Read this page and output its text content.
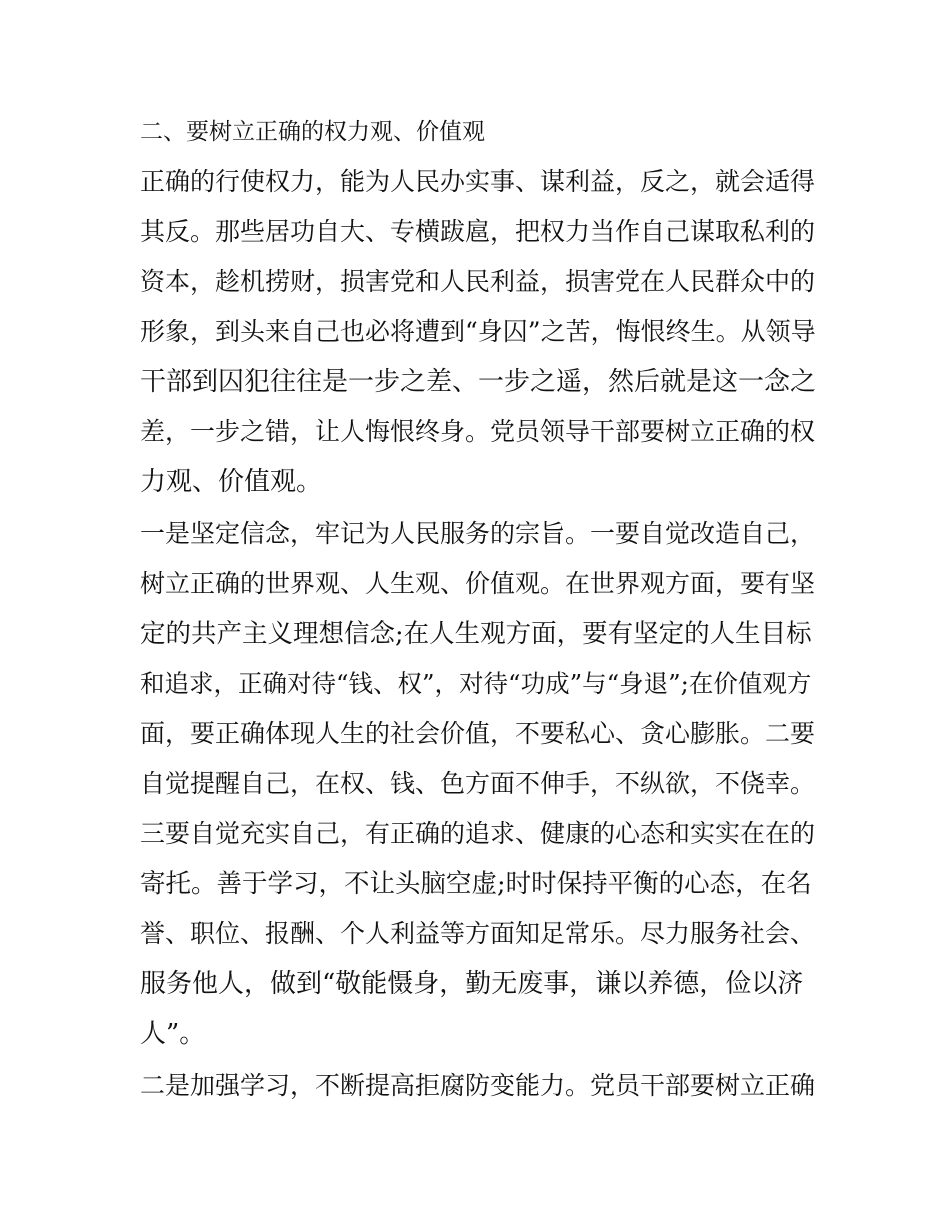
二、要树立正确的权力观、价值观
正确的行使权力，能为人民办实事、谋利益，反之，就会适得
其反。那些居功自大、专横跋扈，把权力当作自己谋取私利的
资本，趁机捞财，损害党和人民利益，损害党在人民群众中的
形象，到头来自己也必将遭到“身囚”之苦，悔恨终生。从领导
干部到囚犯往往是一步之差、一步之遥，然后就是这一念之
差，一步之错，让人悔恨终身。党员领导干部要树立正确的权
力观、价值观。
一是坚定信念，牢记为人民服务的宗旨。一要自觉改造自己，
树立正确的世界观、人生观、价值观。在世界观方面，要有坚
定的共产主义理想信念;在人生观方面，要有坚定的人生目标
和追求，正确对待“钱、权”，对待“功成”与“身退”;在价值观方
面，要正确体现人生的社会价值，不要私心、贪心膨胀。二要
自觉提醒自己，在权、钱、色方面不伸手，不纵欲，不侥幸。
三要自觉充实自己，有正确的追求、健康的心态和实实在在的
寄托。善于学习，不让头脑空虚;时时保持平衡的心态，在名
誉、职位、报酬、个人利益等方面知足常乐。尽力服务社会、
服务他人，做到“敬能慑身，勤无废事，谦以养德，俭以济
人”。
二是加强学习，不断提高拒腐防变能力。党员干部要树立正确
